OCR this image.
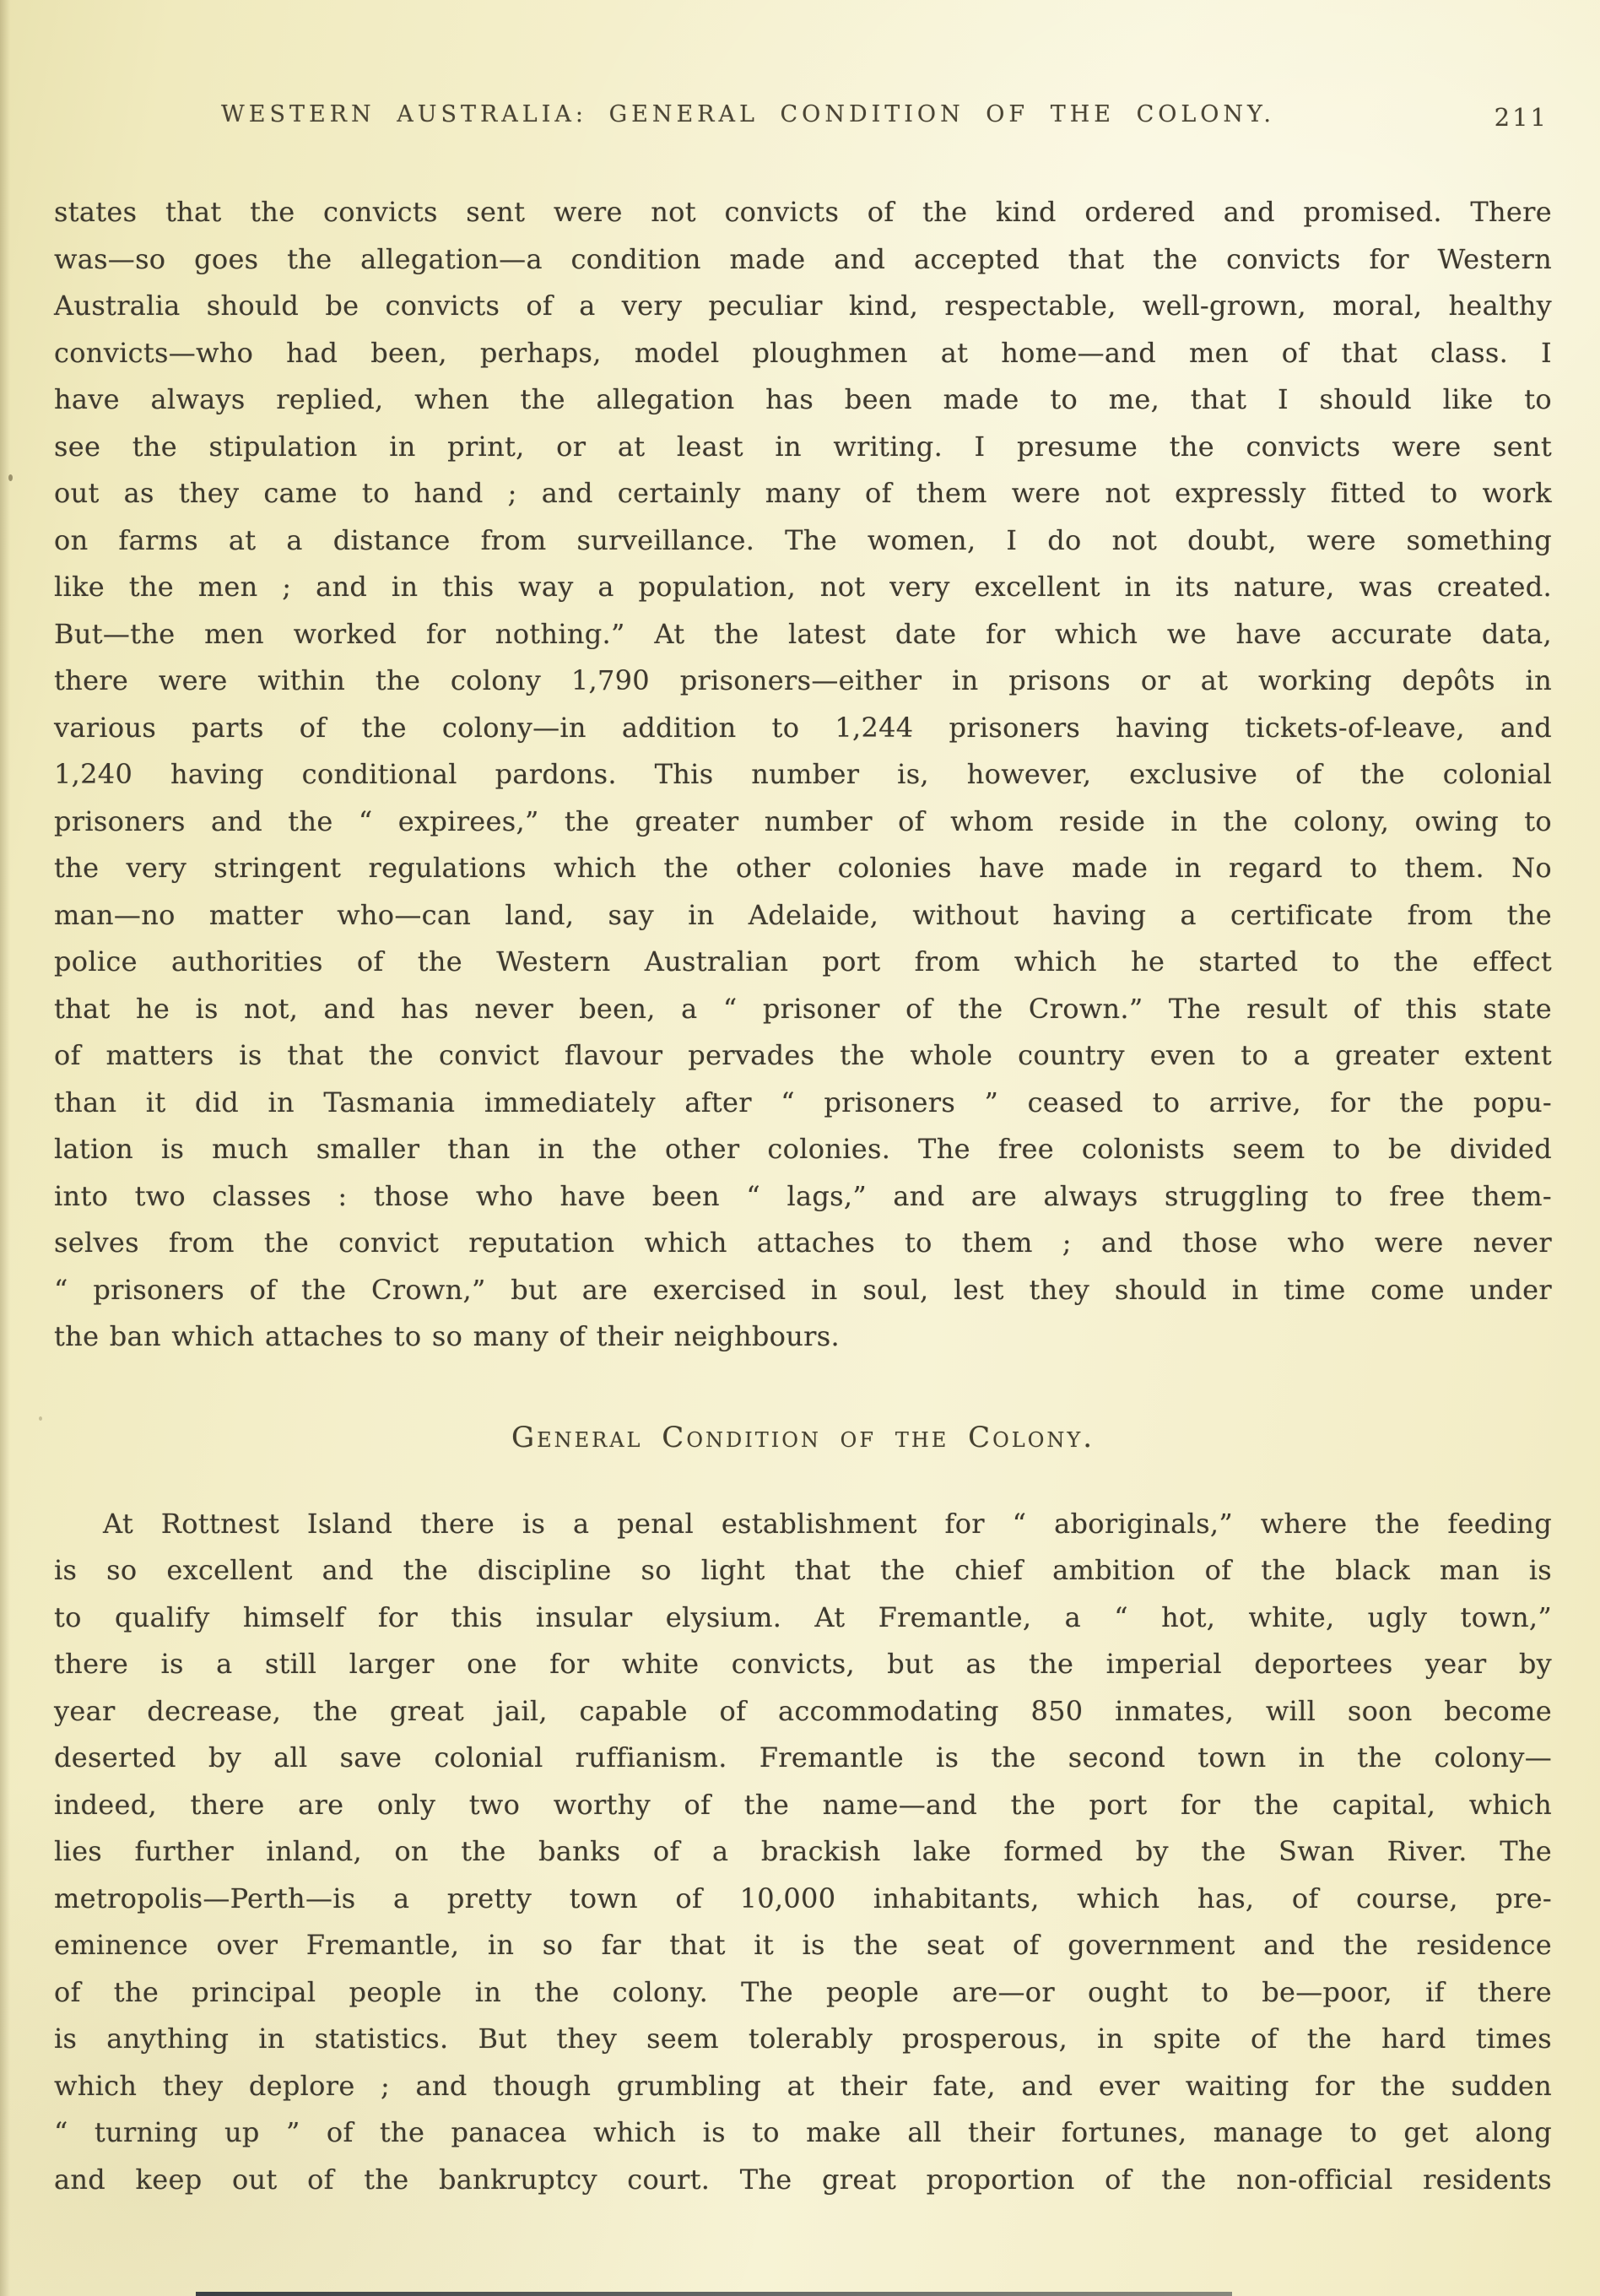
WESTERN AUSTRALIA: GENERAL CONDITION OF THE COLONY.	211
states that the convicts sent were not convicts of the kind ordered and promised. There
was—so goes the allegation—a condition made and accepted that the convicts for Western
Australia should be convicts of a very peculiar kind, respectable, well-grown, moral, healthy
convicts—who had been, perhaps, model ploughmen at home—and men of that class. I
have always replied, when the allegation has been made to me, that I should like to
see the stipulation in print, or at least in writing. I presume the convicts were sent
out as they came to hand ; and certainly many of them were not expressly fitted to work
on farms at a distance from surveillance. The women, I do not doubt, were something
like the men ; and in this way a population, not very excellent in its nature, was created.
But—the men worked for nothing.” At the latest date for which we have accurate data,
there were within the colony 1,790 prisoners—either in prisons or at working depôts in
various parts of the colony—in addition to 1,244 prisoners having tickets-of-leave, and
1,240 having conditional pardons. This number is, however, exclusive of the colonial
prisoners and the “ expirees,” the greater number of whom reside in the colony, owing to
the very stringent regulations which the other colonies have made in regard to them. No
man—no matter who—can land, say in Adelaide, without having a certificate from the
police authorities of the Western Australian port from which he started to the effect
that he is not, and has never been, a “ prisoner of the Crown.” The result of this state
of matters is that the convict flavour pervades the whole country even to a greater extent
than it did in Tasmania immediately after “ prisoners ” ceased to arrive, for the popu-
lation is much smaller than in the other colonies. The free colonists seem to be divided
into two classes : those who have been “ lags,” and are always struggling to free them-
selves from the convict reputation which attaches to them ; and those who were never
“ prisoners of the Crown,” but are exercised in soul, lest they should in time come under
the ban which attaches to so many of their neighbours.
General Condition of the Colony.
At Rottnest Island there is a penal establishment for “ aboriginals,” where the feeding
is so excellent and the discipline so light that the chief ambition of the black man is
to qualify himself for this insular elysium. At Fremantle, a “ hot, white, ugly town,”
there is a still larger one for white convicts, but as the imperial deportees year by
year decrease, the great jail, capable of accommodating 850 inmates, will soon become
deserted by all save colonial ruffianism. Fremantle is the second town in the colony—
indeed, there are only two worthy of the name—and the port for the capital, which
lies further inland, on the banks of a brackish lake formed by the Swan River. The
metropolis—Perth—is a pretty town of 10,000 inhabitants, which has, of course, pre-
eminence over Fremantle, in so far that it is the seat of government and the residence
of the principal people in the colony. The people are—or ought to be—poor, if there
is anything in statistics. But they seem tolerably prosperous, in spite of the hard times
which they deplore ; and though grumbling at their fate, and ever waiting for the sudden
“ turning up ” of the panacea which is to make all their fortunes, manage to get along
and keep out of the bankruptcy court. The great proportion of the non-official residents
